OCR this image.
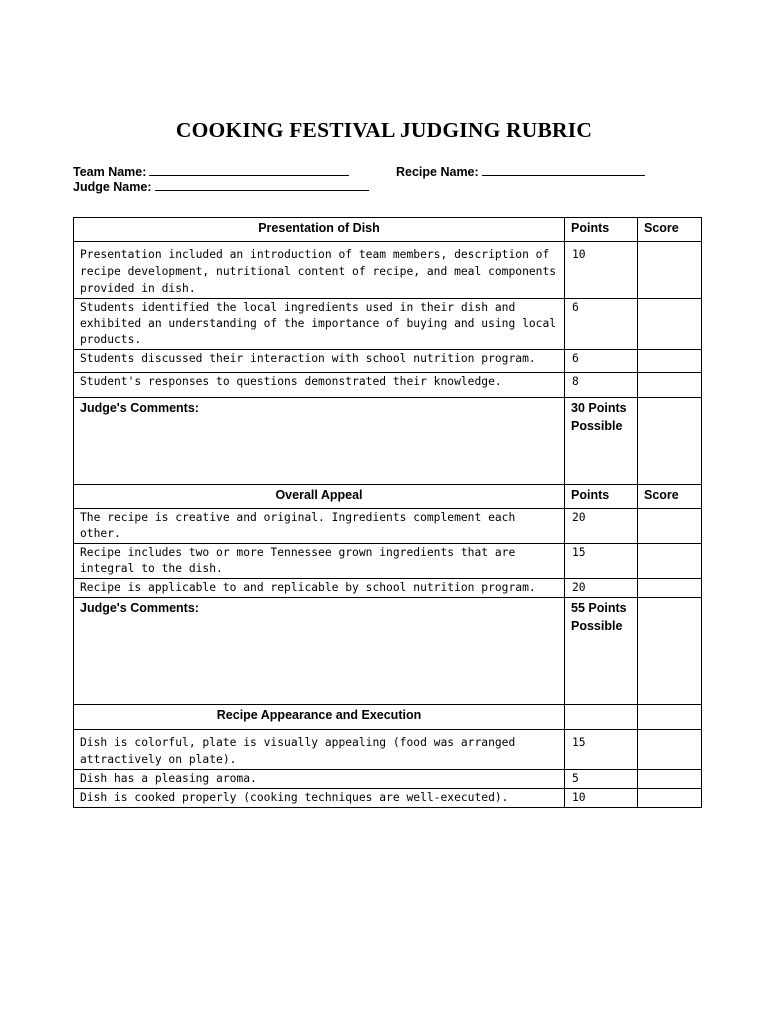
COOKING FESTIVAL JUDGING RUBRIC
Team Name:	Recipe Name:
Judge Name:
Presentation of Dish	Points	Score
Presentation included an introduction of team members, description of recipe development, nutritional content of recipe, and meal components provided in dish.	10	
Students identified the local ingredients used in their dish and exhibited an understanding of the importance of buying and using local products.	6	
Students discussed their interaction with school nutrition program.	6	
Student's responses to questions demonstrated their knowledge.	8	
Judge's Comments:	30 Points Possible	
Overall Appeal	Points	Score
The recipe is creative and original. Ingredients complement each other.	20	
Recipe includes two or more Tennessee grown ingredients that are integral to the dish.	15	
Recipe is applicable to and replicable by school nutrition program.	20	
Judge's Comments:	55 Points Possible	
Recipe Appearance and Execution		
Dish is colorful, plate is visually appealing (food was arranged attractively on plate).	15	
Dish has a pleasing aroma.	5	
Dish is cooked properly (cooking techniques are well-executed).	10	
